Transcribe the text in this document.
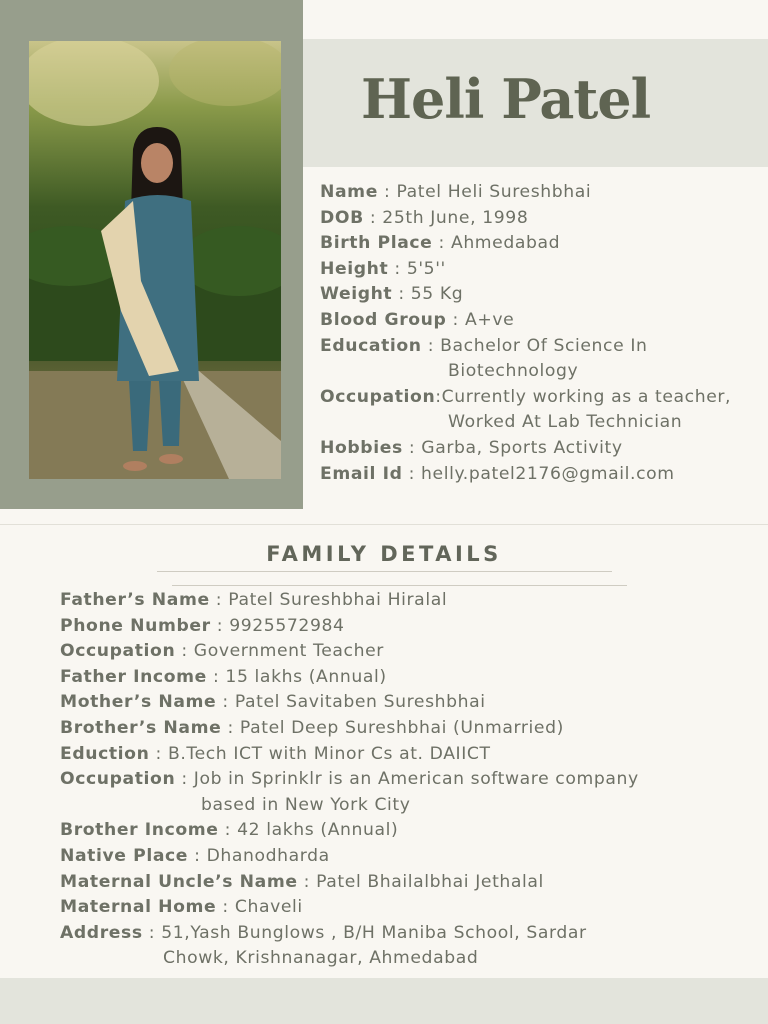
Heli Patel
Name : Patel Heli Sureshbhai
DOB : 25th June, 1998
Birth Place : Ahmedabad
Height : 5'5''
Weight : 55 Kg
Blood Group : A+ve
Education : Bachelor Of Science In
Biotechnology
Occupation:Currently working as a teacher,
Worked At Lab Technician
Hobbies : Garba, Sports Activity
Email Id : helly.patel2176@gmail.com
FAMILY DETAILS
Father’s Name : Patel Sureshbhai Hiralal
Phone Number : 9925572984
Occupation : Government Teacher
Father Income : 15 lakhs (Annual)
Mother’s Name : Patel Savitaben Sureshbhai
Brother’s Name : Patel Deep Sureshbhai (Unmarried)
Eduction : B.Tech ICT with Minor Cs at. DAIICT
Occupation : Job in Sprinklr is an American software company
based in New York City
Brother Income : 42 lakhs (Annual)
Native Place : Dhanodharda
Maternal Uncle’s Name : Patel Bhailalbhai Jethalal
Maternal Home : Chaveli
Address : 51,Yash Bunglows , B/H Maniba School, Sardar
Chowk, Krishnanagar, Ahmedabad
